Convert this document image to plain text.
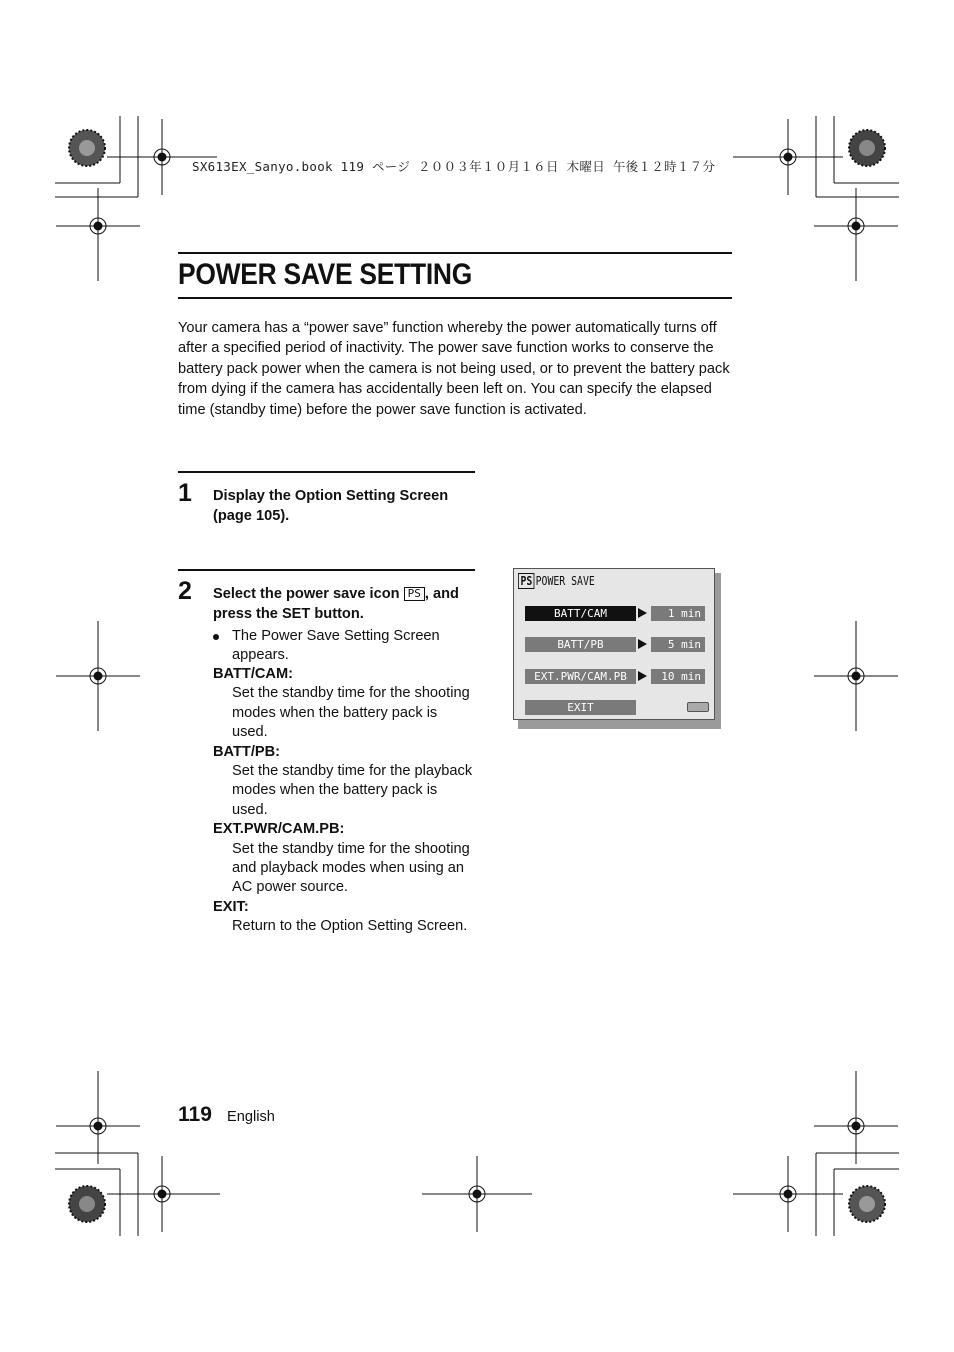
SX613EX_Sanyo.book 119 ページ ２００３年１０月１６日 木曜日 午後１２時１７分
POWER SAVE SETTING
Your camera has a “power save” function whereby the power automatically turns off after a specified period of inactivity. The power save function works to conserve the battery pack power when the camera is not being used, or to prevent the battery pack from dying if the camera has accidentally been left on. You can specify the elapsed time (standby time) before the power save function is activated.
1 Display the Option Setting Screen (page 105).
2 Select the power save icon PS , and press the SET button.
The Power Save Setting Screen appears.
BATT/CAM:
Set the standby time for the shooting modes when the battery pack is used.
BATT/PB:
Set the standby time for the playback modes when the battery pack is used.
EXT.PWR/CAM.PB:
Set the standby time for the shooting and playback modes when using an AC power source.
EXIT:
Return to the Option Setting Screen.
PS POWER SAVE
BATT/CAM	1 min
BATT/PB	5 min
EXT.PWR/CAM.PB	10 min
EXIT
119 English
